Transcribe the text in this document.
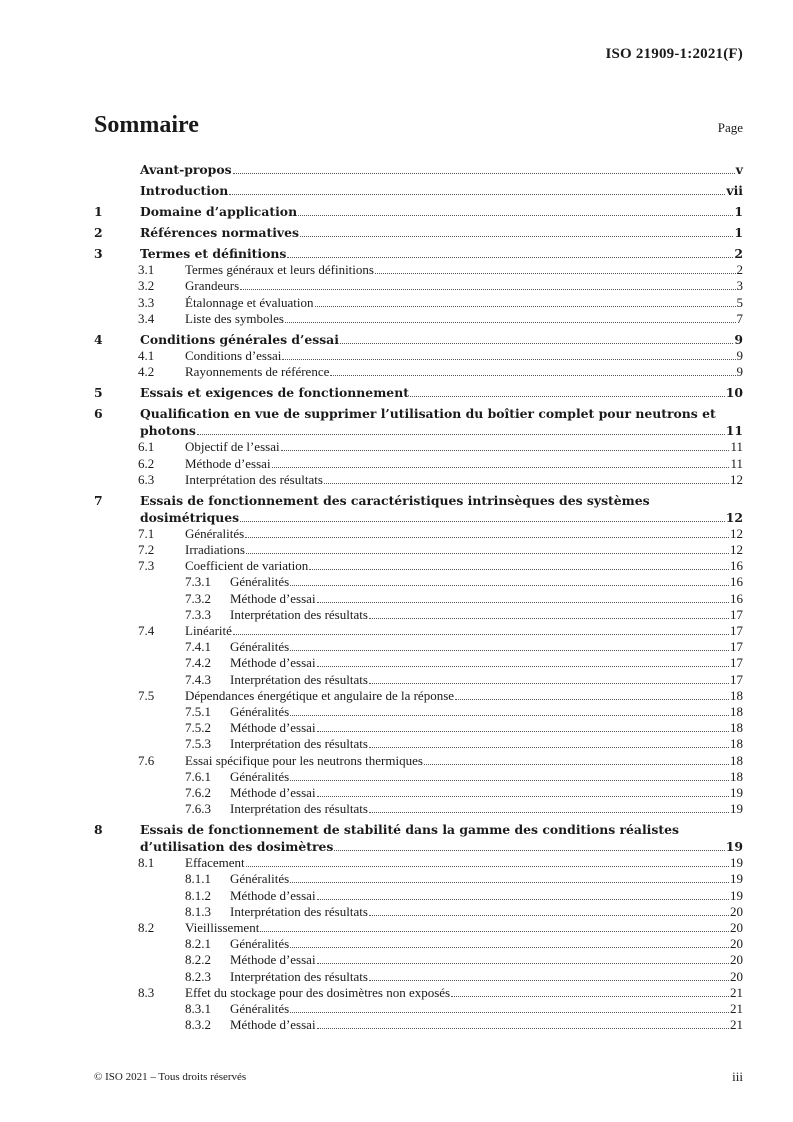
ISO 21909-1:2021(F)
Sommaire	Page
Avant-propos	v
Introduction	vii
1	Domaine d’application	1
2	Références normatives	1
3	Termes et définitions	2
3.1	Termes généraux et leurs définitions	2
3.2	Grandeurs	3
3.3	Étalonnage et évaluation	5
3.4	Liste des symboles	7
4	Conditions générales d’essai	9
4.1	Conditions d’essai	9
4.2	Rayonnements de référence	9
5	Essais et exigences de fonctionnement	10
6	Qualification en vue de supprimer l’utilisation du boîtier complet pour neutrons et
photons	11
6.1	Objectif de l’essai	11
6.2	Méthode d’essai	11
6.3	Interprétation des résultats	12
7	Essais de fonctionnement des caractéristiques intrinsèques des systèmes
dosimétriques	12
7.1	Généralités	12
7.2	Irradiations	12
7.3	Coefficient de variation	16
7.3.1	Généralités	16
7.3.2	Méthode d’essai	16
7.3.3	Interprétation des résultats	17
7.4	Linéarité	17
7.4.1	Généralités	17
7.4.2	Méthode d’essai	17
7.4.3	Interprétation des résultats	17
7.5	Dépendances énergétique et angulaire de la réponse	18
7.5.1	Généralités	18
7.5.2	Méthode d’essai	18
7.5.3	Interprétation des résultats	18
7.6	Essai spécifique pour les neutrons thermiques	18
7.6.1	Généralités	18
7.6.2	Méthode d’essai	19
7.6.3	Interprétation des résultats	19
8	Essais de fonctionnement de stabilité dans la gamme des conditions réalistes
d’utilisation des dosimètres	19
8.1	Effacement	19
8.1.1	Généralités	19
8.1.2	Méthode d’essai	19
8.1.3	Interprétation des résultats	20
8.2	Vieillissement	20
8.2.1	Généralités	20
8.2.2	Méthode d’essai	20
8.2.3	Interprétation des résultats	20
8.3	Effet du stockage pour des dosimètres non exposés	21
8.3.1	Généralités	21
8.3.2	Méthode d’essai	21
© ISO 2021 – Tous droits réservés	iii
